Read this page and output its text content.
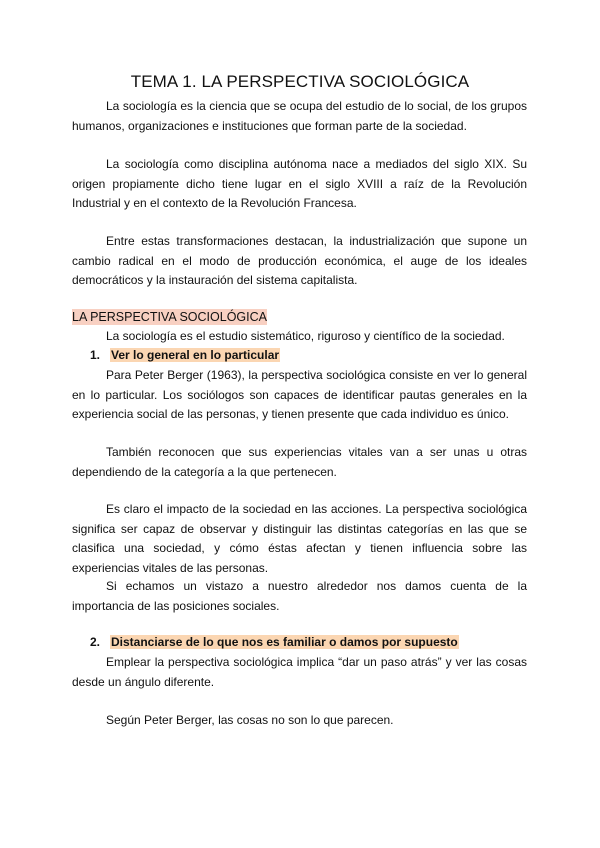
TEMA 1. LA PERSPECTIVA SOCIOLÓGICA

La sociología es la ciencia que se ocupa del estudio de lo social, de los grupos humanos, organizaciones e instituciones que forman parte de la sociedad.

La sociología como disciplina autónoma nace a mediados del siglo XIX. Su origen propiamente dicho tiene lugar en el siglo XVIII a raíz de la Revolución Industrial y en el contexto de la Revolución Francesa.

Entre estas transformaciones destacan, la industrialización que supone un cambio radical en el modo de producción económica, el auge de los ideales democráticos y la instauración del sistema capitalista.

LA PERSPECTIVA SOCIOLÓGICA

La sociología es el estudio sistemático, riguroso y científico de la sociedad.

1. Ver lo general en lo particular

Para Peter Berger (1963), la perspectiva sociológica consiste en ver lo general en lo particular. Los sociólogos son capaces de identificar pautas generales en la experiencia social de las personas, y tienen presente que cada individuo es único.

También reconocen que sus experiencias vitales van a ser unas u otras dependiendo de la categoría a la que pertenecen.

Es claro el impacto de la sociedad en las acciones. La perspectiva sociológica significa ser capaz de observar y distinguir las distintas categorías en las que se clasifica una sociedad, y cómo éstas afectan y tienen influencia sobre las experiencias vitales de las personas.

Si echamos un vistazo a nuestro alrededor nos damos cuenta de la importancia de las posiciones sociales.

2. Distanciarse de lo que nos es familiar o damos por supuesto

Emplear la perspectiva sociológica implica “dar un paso atrás” y ver las cosas desde un ángulo diferente.

Según Peter Berger, las cosas no son lo que parecen.
